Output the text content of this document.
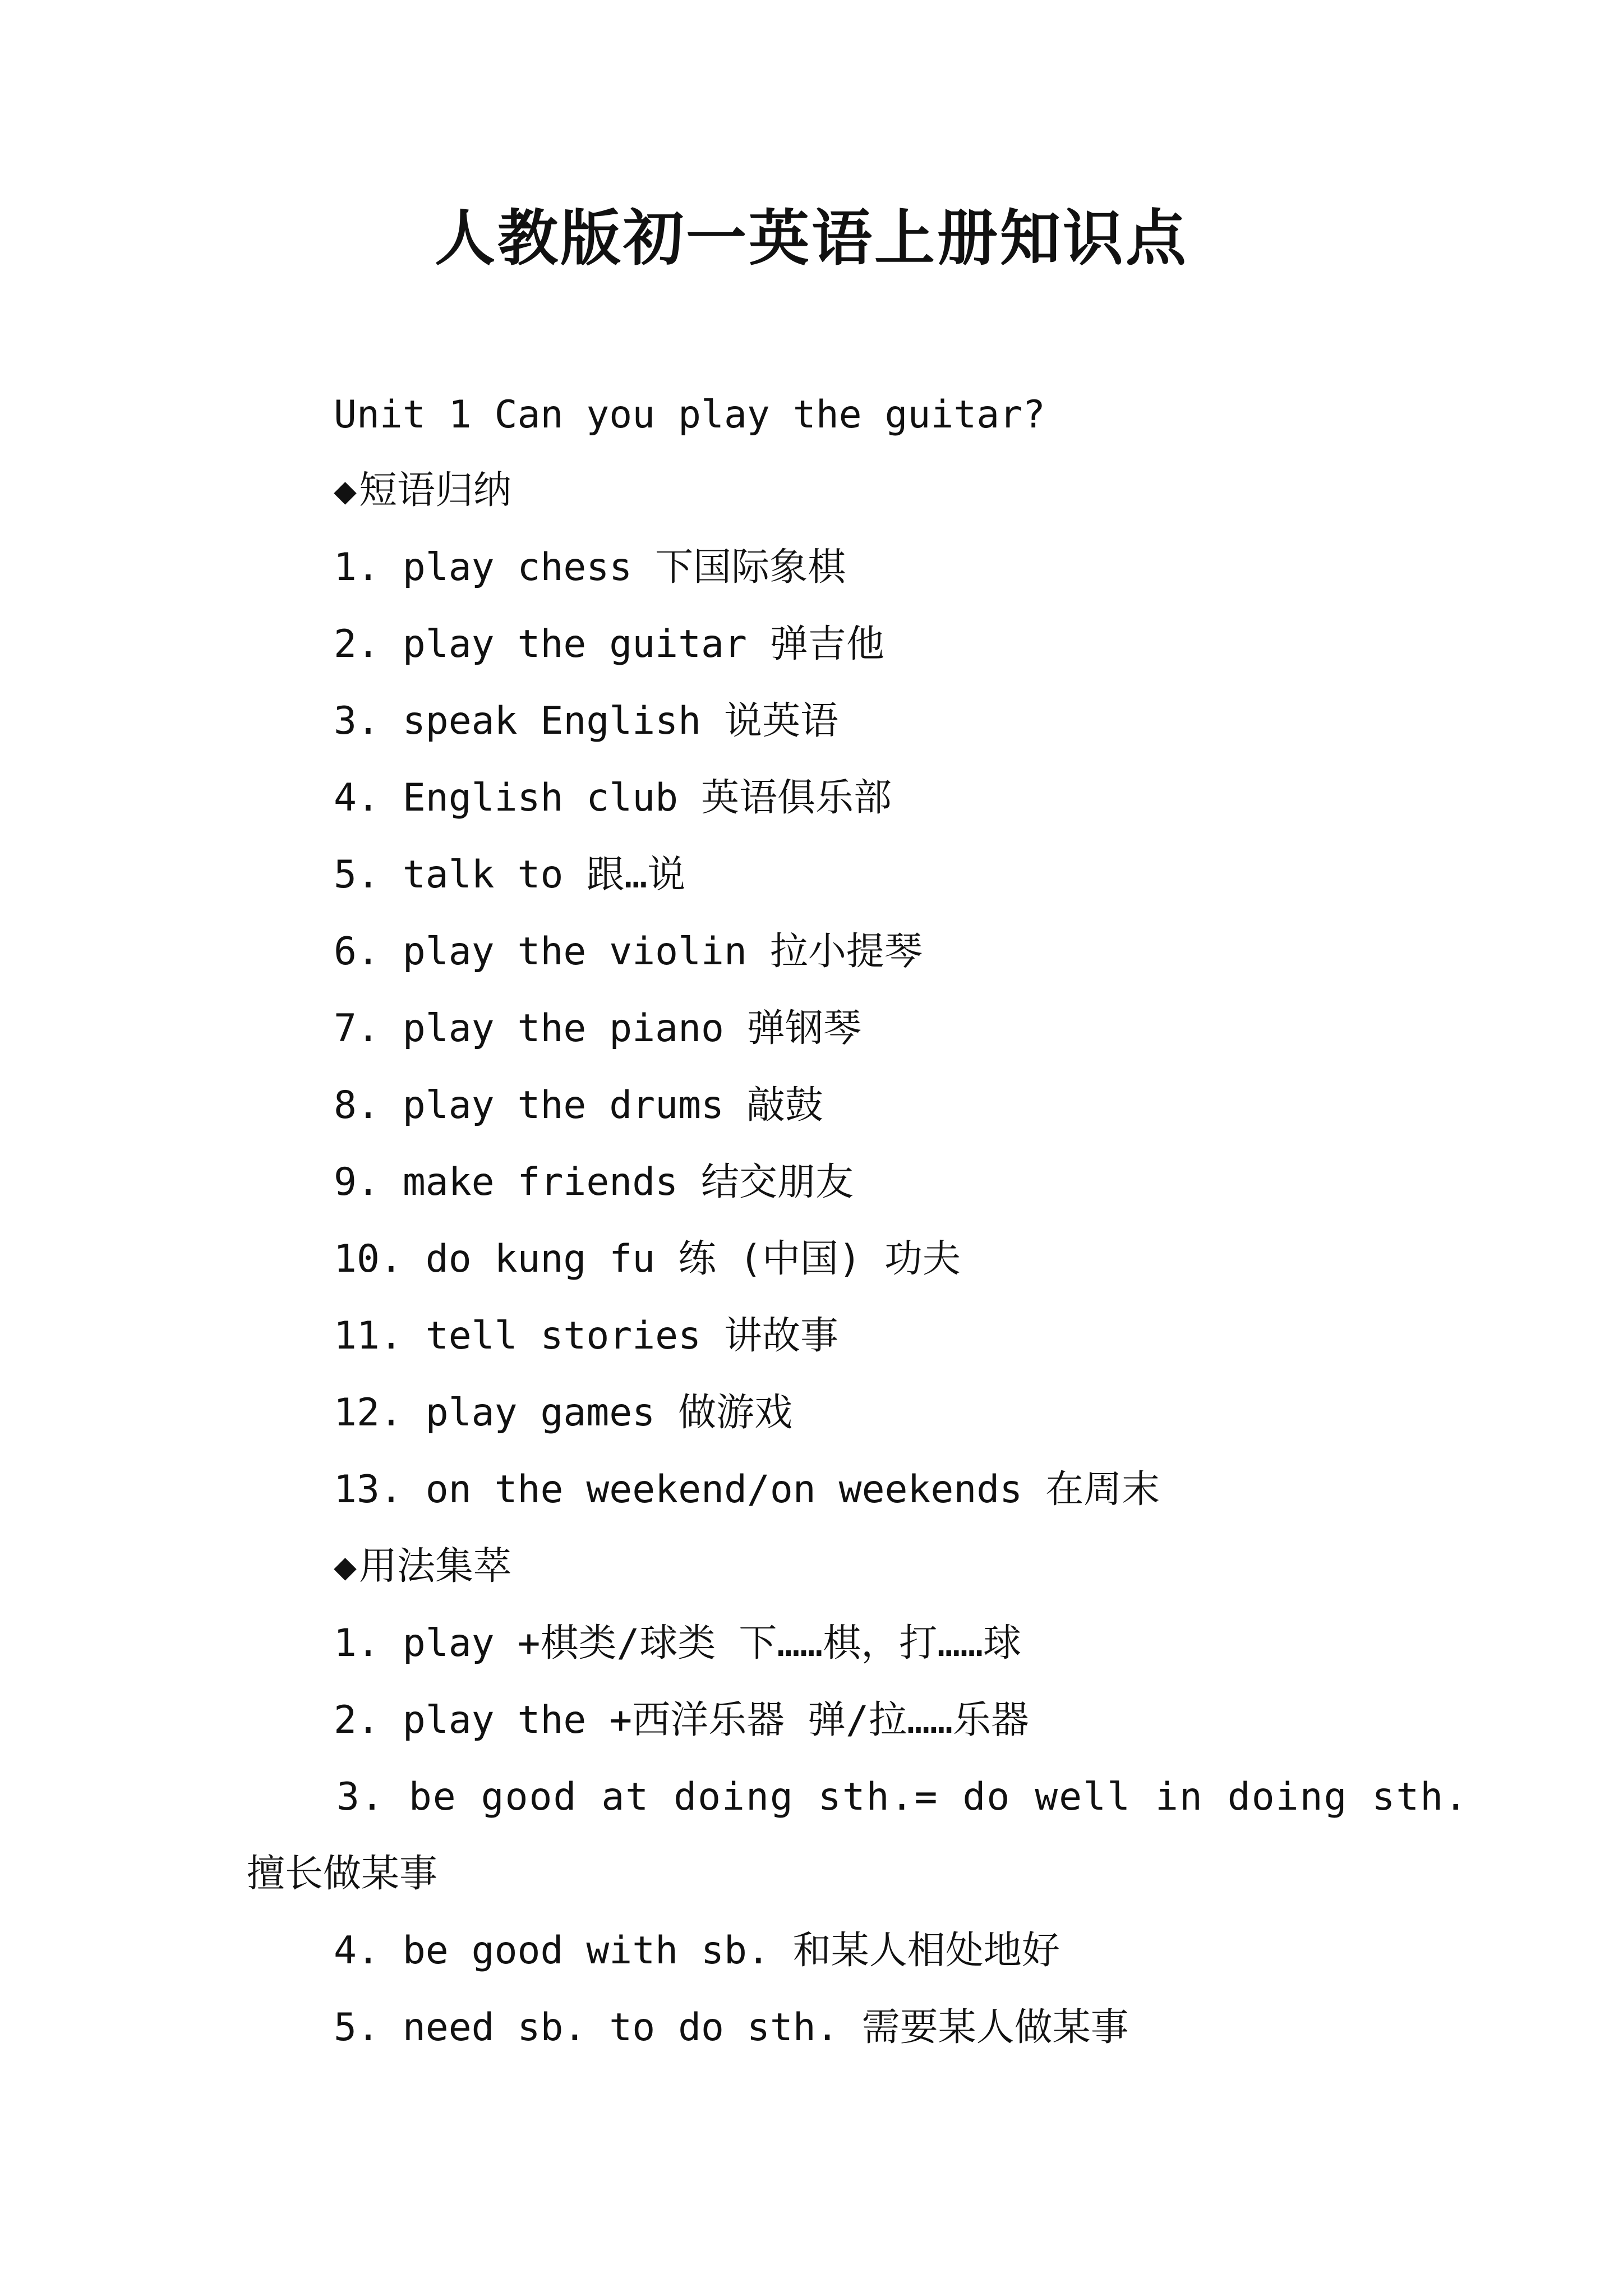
人教版初一英语上册知识点
Unit 1 Can you play the guitar?
◆短语归纳
1. play chess 下国际象棋
2. play the guitar 弹吉他
3. speak English 说英语
4. English club 英语俱乐部
5. talk to 跟…说
6. play the violin 拉小提琴
7. play the piano 弹钢琴
8. play the drums 敲鼓
9. make friends 结交朋友
10. do kung fu 练 (中国) 功夫
11. tell stories 讲故事
12. play games 做游戏
13. on the weekend/on weekends 在周末
◆用法集萃
1. play +棋类/球类 下……棋，打……球
2. play the +西洋乐器 弹/拉……乐器
3. be good at doing sth.= do well in doing sth.
擅长做某事
4. be good with sb. 和某人相处地好
5. need sb. to do sth. 需要某人做某事
